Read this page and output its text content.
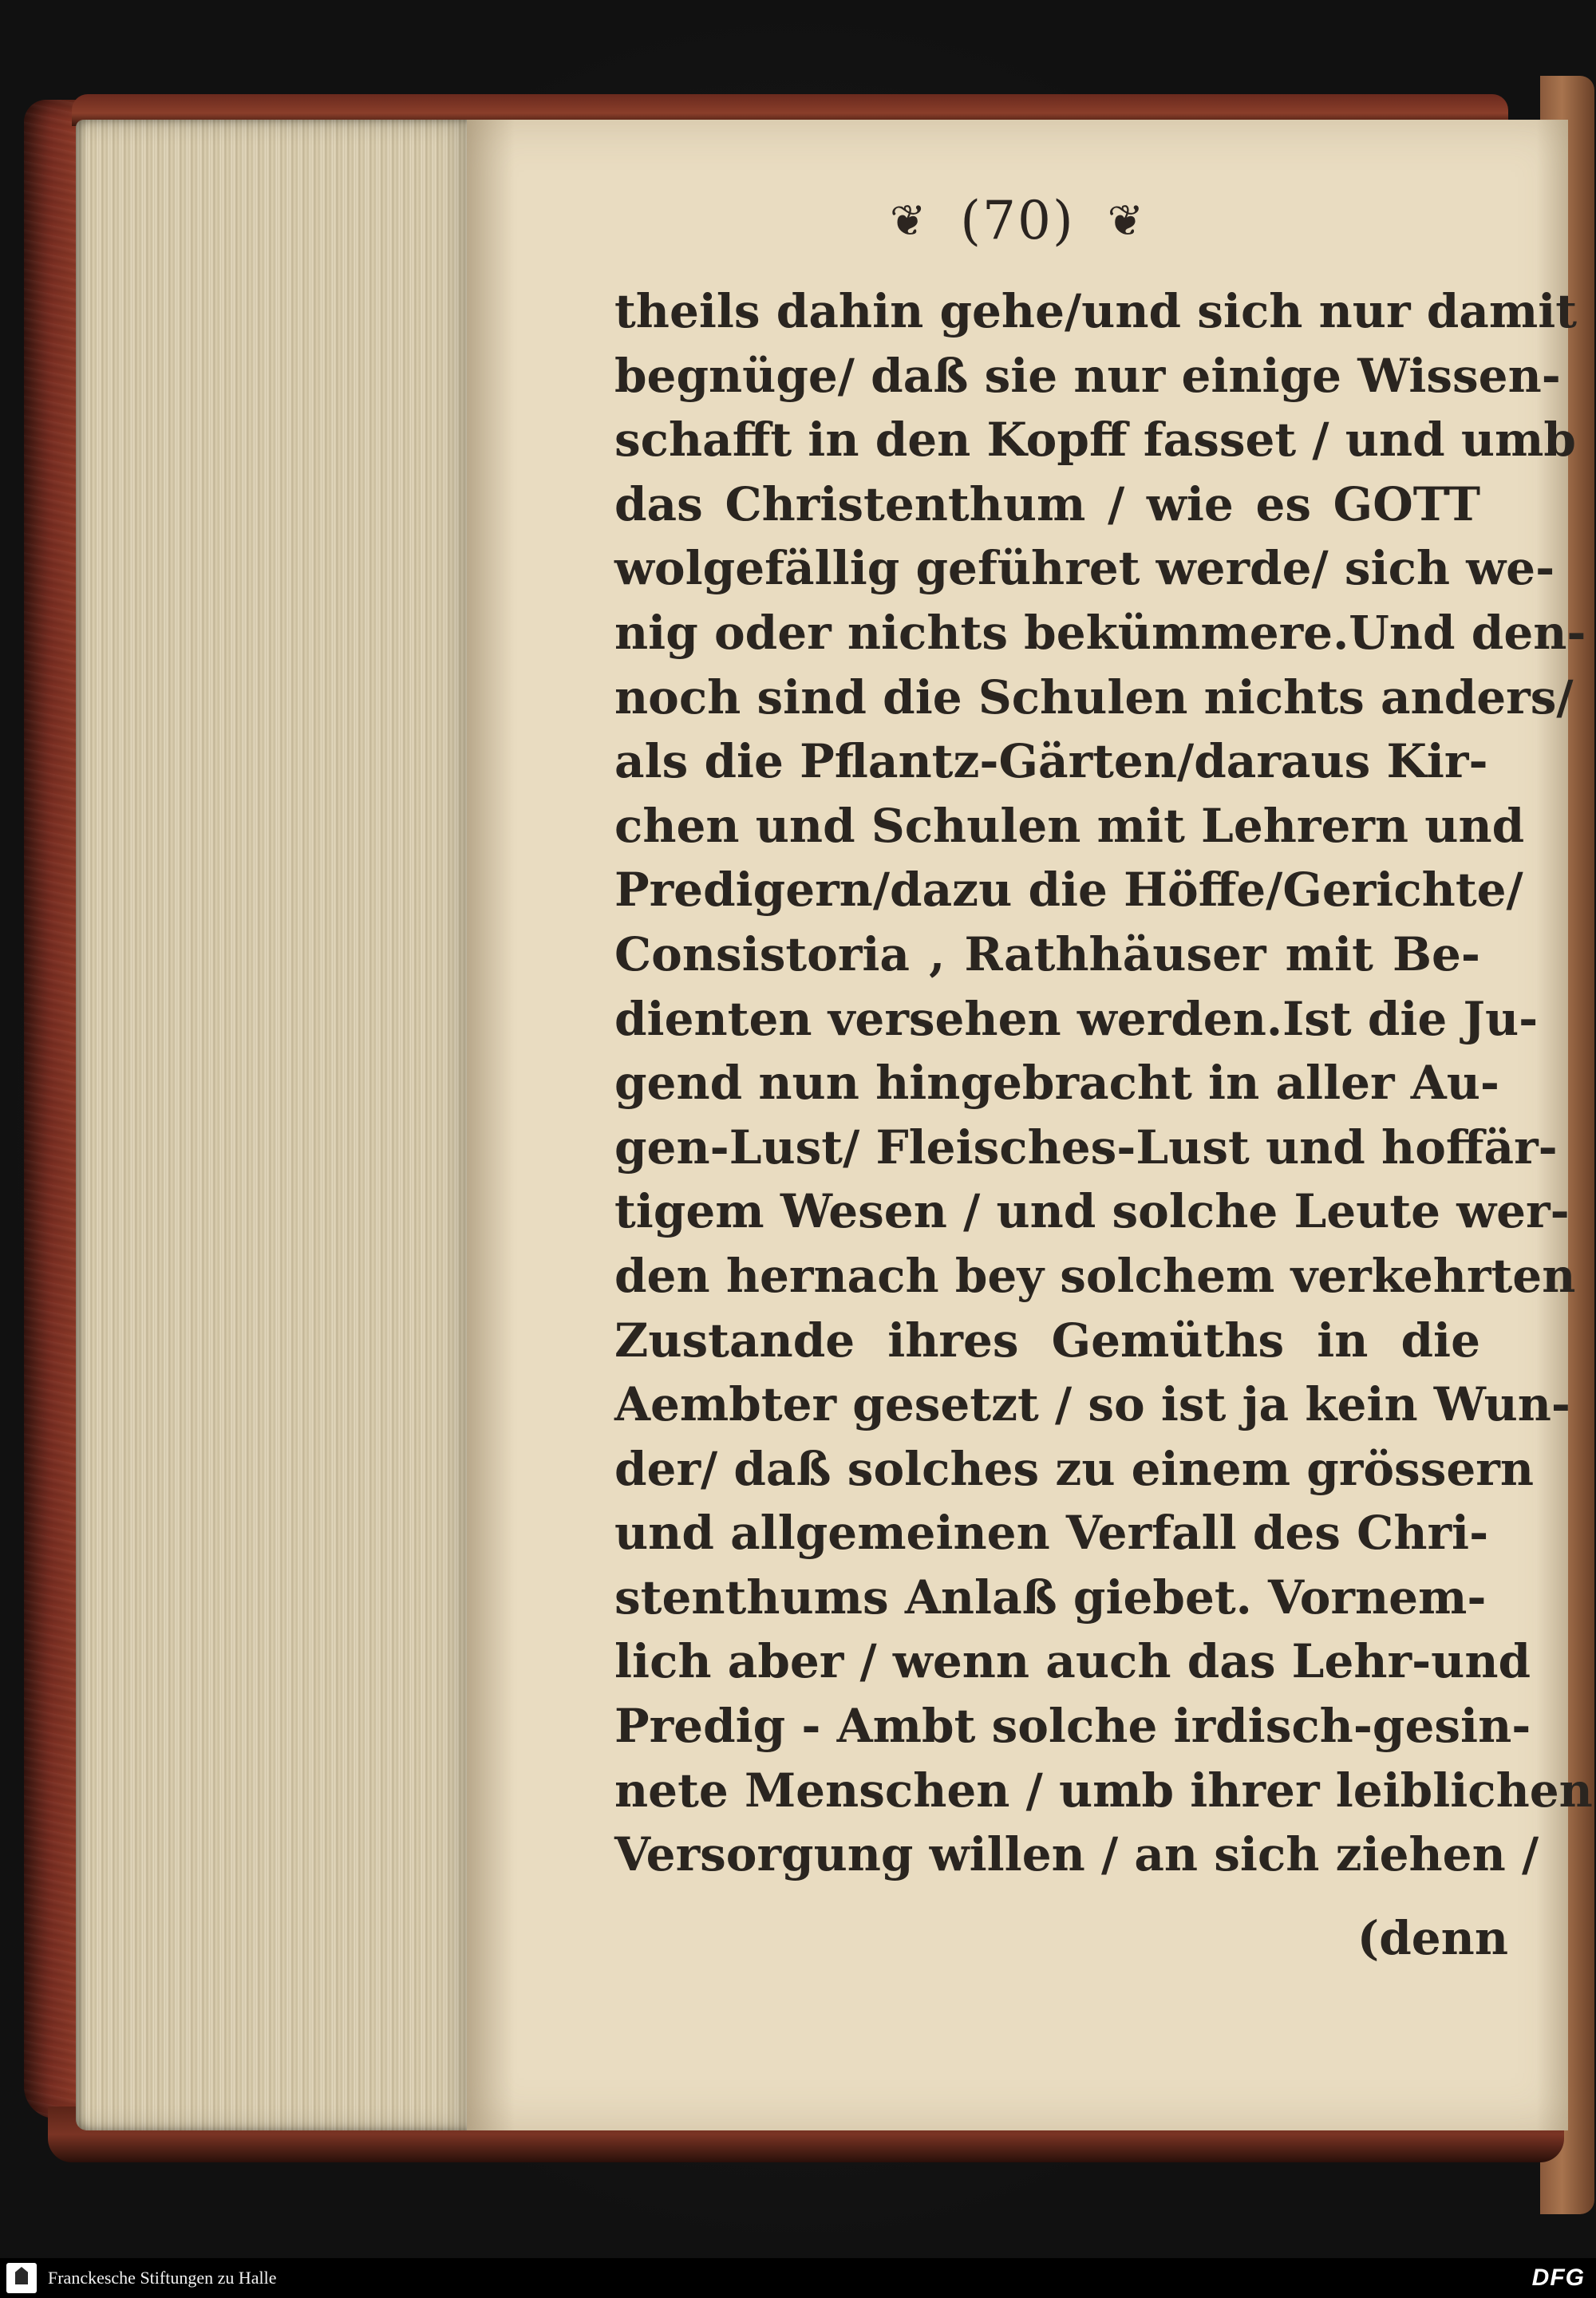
❦ (70) ❦
theils dahin gehe/und sich nur damit
begnüge/ daß sie nur einige Wissen-
schafft in den Kopff fasset / und umb
das Christenthum / wie es GOTT
wolgefällig geführet werde/ sich we-
nig oder nichts bekümmere.Und den-
noch sind die Schulen nichts anders/
als die Pflantz-Gärten/daraus Kir-
chen und Schulen mit Lehrern und
Predigern/dazu die Höffe/Gerichte/
Consistoria , Rathhäuser mit Be-
dienten versehen werden.Ist die Ju-
gend nun hingebracht in aller Au-
gen-Lust/ Fleisches-Lust und hoffär-
tigem Wesen / und solche Leute wer-
den hernach bey solchem verkehrten
Zustande ihres Gemüths in die
Aembter gesetzt / so ist ja kein Wun-
der/ daß solches zu einem grössern
und allgemeinen Verfall des Chri-
stenthums Anlaß giebet. Vornem-
lich aber / wenn auch das Lehr-und
Predig - Ambt solche irdisch-gesin-
nete Menschen / umb ihrer leiblichen
Versorgung willen / an sich ziehen /
(denn
Franckesche Stiftungen zu Halle	DFG
